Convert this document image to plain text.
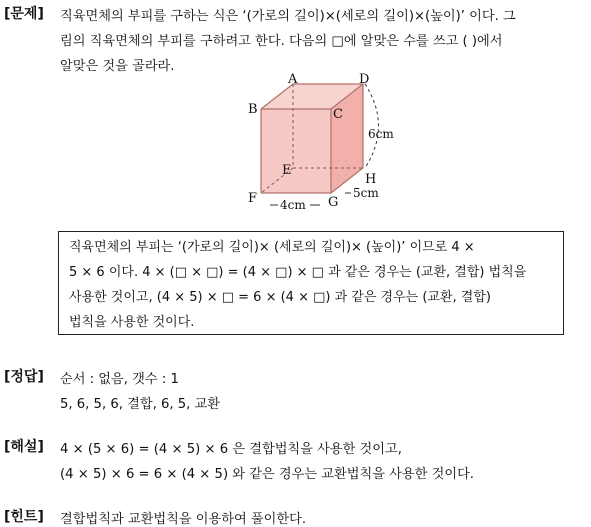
[문제] 직육면체의 부피를 구하는 식은 ‘(가로의 길이)×(세로의 길이)×(높이)’ 이다. 그
림의 직육면체의 부피를 구하려고 한다. 다음의 □에 알맞은 수를 쓰고 ( )에서
알맞은 것을 골라라.
B
A	D
C
E
H
F	G
6cm
4cm
5cm
직육면체의 부피는 ‘(가로의 길이)× (세로의 길이)× (높이)’ 이므로 4 ×
5 × 6 이다. 4 × (□ × □) = (4 × □) × □ 과 같은 경우는 (교환, 결합) 법칙을
사용한 것이고, (4 × 5) × □ = 6 × (4 × □) 과 같은 경우는 (교환, 결합)
법칙을 사용한 것이다.
[정답] 순서 : 없음, 갯수 : 1
5, 6, 5, 6, 결합, 6, 5, 교환
[해설] 4 × (5 × 6) = (4 × 5) × 6 은 결합법칙을 사용한 것이고,
(4 × 5) × 6 = 6 × (4 × 5) 와 같은 경우는 교환법칙을 사용한 것이다.
[힌트] 결합법칙과 교환법칙을 이용하여 풀이한다.
